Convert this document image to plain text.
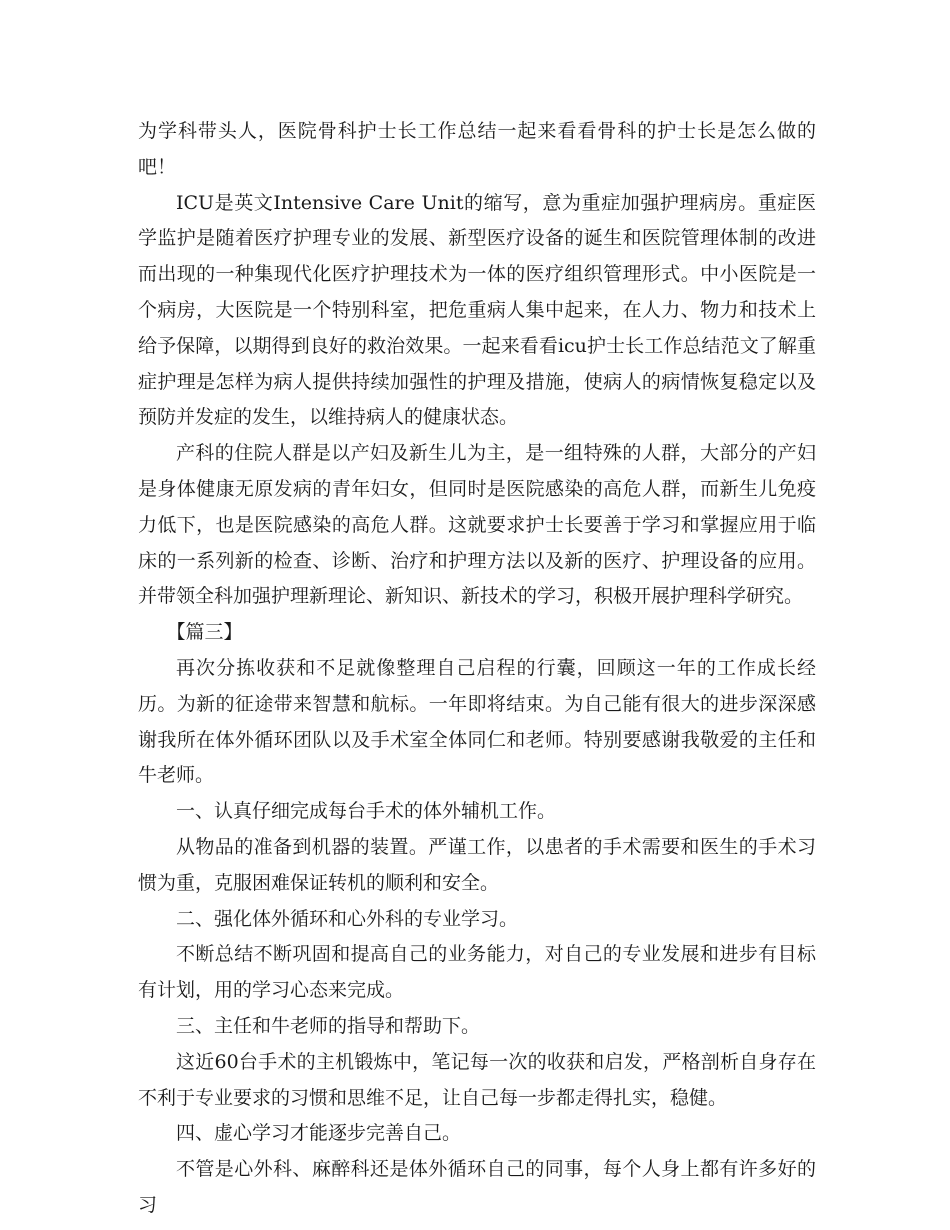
为学科带头人，医院骨科护士长工作总结一起来看看骨科的护士长是怎么做的吧！

ICU是英文Intensive Care Unit的缩写，意为重症加强护理病房。重症医学监护是随着医疗护理专业的发展、新型医疗设备的诞生和医院管理体制的改进而出现的一种集现代化医疗护理技术为一体的医疗组织管理形式。中小医院是一个病房，大医院是一个特别科室，把危重病人集中起来，在人力、物力和技术上给予保障，以期得到良好的救治效果。一起来看看icu护士长工作总结范文了解重症护理是怎样为病人提供持续加强性的护理及措施，使病人的病情恢复稳定以及预防并发症的发生，以维持病人的健康状态。

产科的住院人群是以产妇及新生儿为主，是一组特殊的人群，大部分的产妇是身体健康无原发病的青年妇女，但同时是医院感染的高危人群，而新生儿免疫力低下，也是医院感染的高危人群。这就要求护士长要善于学习和掌握应用于临床的一系列新的检查、诊断、治疗和护理方法以及新的医疗、护理设备的应用。并带领全科加强护理新理论、新知识、新技术的学习，积极开展护理科学研究。

【篇三】

再次分拣收获和不足就像整理自己启程的行囊，回顾这一年的工作成长经历。为新的征途带来智慧和航标。一年即将结束。为自己能有很大的进步深深感谢我所在体外循环团队以及手术室全体同仁和老师。特别要感谢我敬爱的主任和牛老师。

一、认真仔细完成每台手术的体外辅机工作。

从物品的准备到机器的装置。严谨工作，以患者的手术需要和医生的手术习惯为重，克服困难保证转机的顺利和安全。

二、强化体外循环和心外科的专业学习。

不断总结不断巩固和提高自己的业务能力，对自己的专业发展和进步有目标有计划，用的学习心态来完成。

三、主任和牛老师的指导和帮助下。

这近60台手术的主机锻炼中，笔记每一次的收获和启发，严格剖析自身存在不利于专业要求的习惯和思维不足，让自己每一步都走得扎实，稳健。

四、虚心学习才能逐步完善自己。

不管是心外科、麻醉科还是体外循环自己的同事，每个人身上都有许多好的习
